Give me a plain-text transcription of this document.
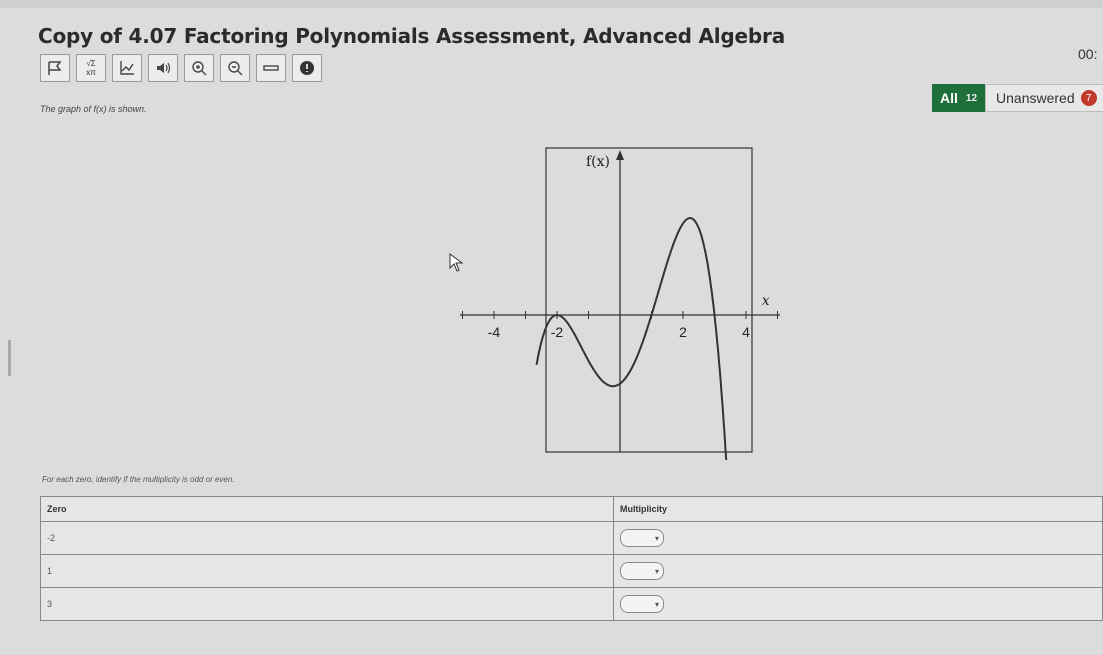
Copy of 4.07 Factoring Polynomials Assessment, Advanced Algebra
00:
√Σ xπ
All 12 Unanswered	7
The graph of f(x) is shown.
-4	-2	2	4
x
f(x)
For each zero, identify if the multiplicity is odd or even.
Zero	Multiplicity
-2	▾

1	▾

3	▾
